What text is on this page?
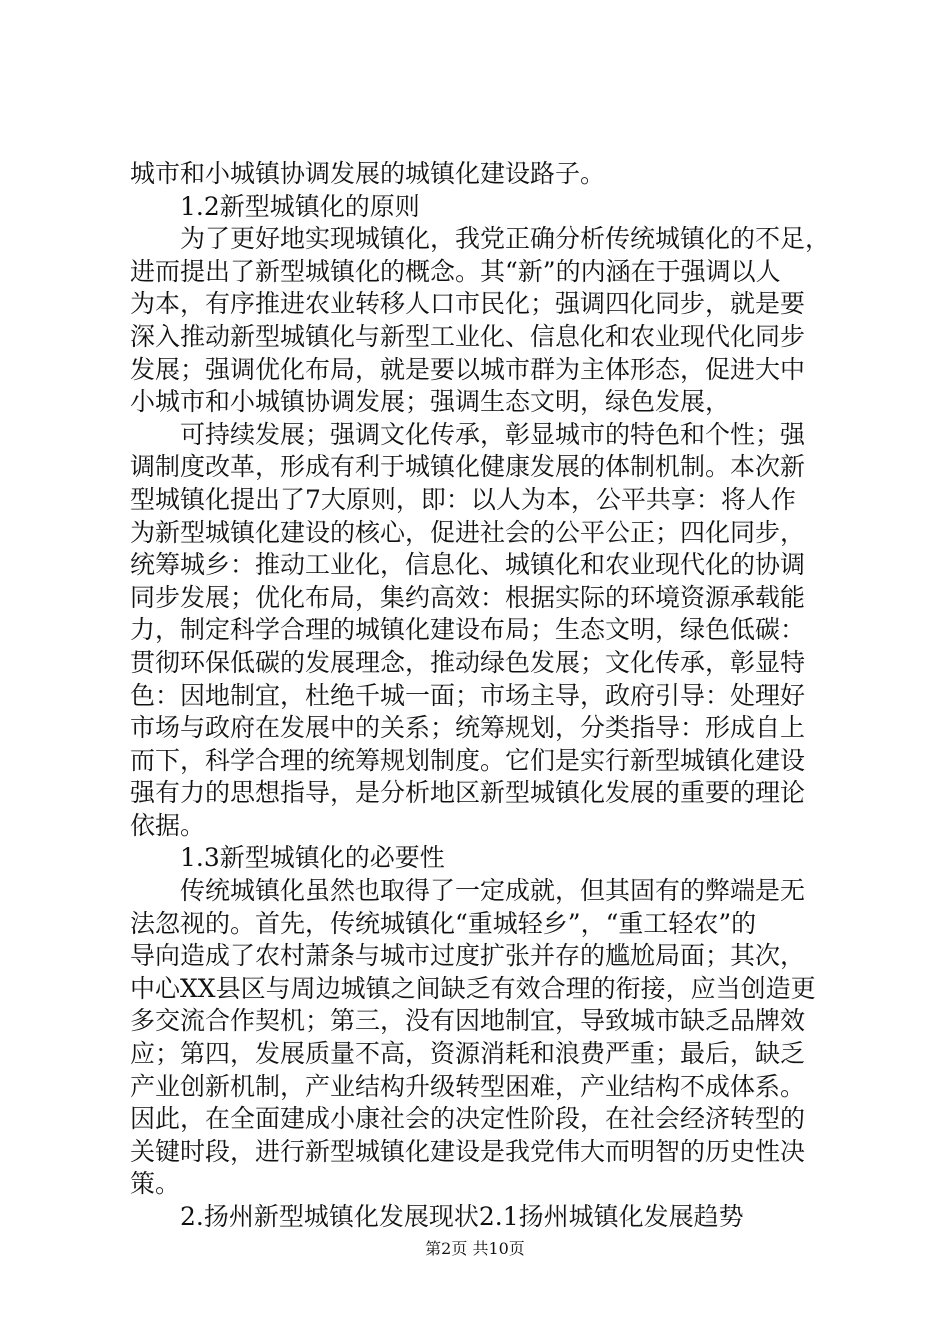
城市和小城镇协调发展的城镇化建设路子。
1.2新型城镇化的原则
为了更好地实现城镇化，我党正确分析传统城镇化的不足，
进而提出了新型城镇化的概念。其“新”的内涵在于强调以人
为本，有序推进农业转移人口市民化；强调四化同步，就是要
深入推动新型城镇化与新型工业化、信息化和农业现代化同步
发展；强调优化布局，就是要以城市群为主体形态，促进大中
小城市和小城镇协调发展；强调生态文明，绿色发展，
可持续发展；强调文化传承，彰显城市的特色和个性；强
调制度改革，形成有利于城镇化健康发展的体制机制。本次新
型城镇化提出了7大原则，即：以人为本，公平共享：将人作
为新型城镇化建设的核心，促进社会的公平公正；四化同步，
统筹城乡：推动工业化，信息化、城镇化和农业现代化的协调
同步发展；优化布局，集约高效：根据实际的环境资源承载能
力，制定科学合理的城镇化建设布局；生态文明，绿色低碳：
贯彻环保低碳的发展理念，推动绿色发展；文化传承，彰显特
色：因地制宜，杜绝千城一面；市场主导，政府引导：处理好
市场与政府在发展中的关系；统筹规划，分类指导：形成自上
而下，科学合理的统筹规划制度。它们是实行新型城镇化建设
强有力的思想指导，是分析地区新型城镇化发展的重要的理论
依据。
1.3新型城镇化的必要性
传统城镇化虽然也取得了一定成就，但其固有的弊端是无
法忽视的。首先，传统城镇化“重城轻乡”，“重工轻农”的
导向造成了农村萧条与城市过度扩张并存的尴尬局面；其次，
中心XX县区与周边城镇之间缺乏有效合理的衔接，应当创造更
多交流合作契机；第三，没有因地制宜，导致城市缺乏品牌效
应；第四，发展质量不高，资源消耗和浪费严重；最后，缺乏
产业创新机制，产业结构升级转型困难，产业结构不成体系。
因此，在全面建成小康社会的决定性阶段，在社会经济转型的
关键时段，进行新型城镇化建设是我党伟大而明智的历史性决
策。
2.扬州新型城镇化发展现状2.1扬州城镇化发展趋势
第2页 共10页
